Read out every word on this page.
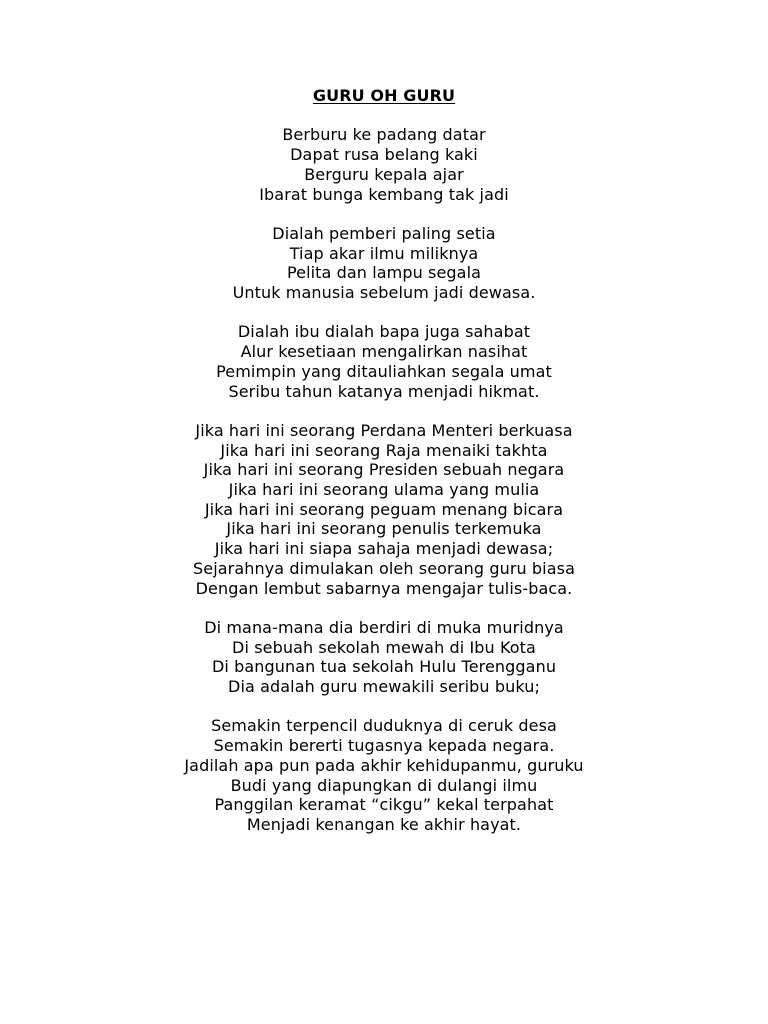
GURU OH GURU
Berburu ke padang datar
Dapat rusa belang kaki
Berguru kepala ajar
Ibarat bunga kembang tak jadi
Dialah pemberi paling setia
Tiap akar ilmu miliknya
Pelita dan lampu segala
Untuk manusia sebelum jadi dewasa.
Dialah ibu dialah bapa juga sahabat
Alur kesetiaan mengalirkan nasihat
Pemimpin yang ditauliahkan segala umat
Seribu tahun katanya menjadi hikmat.
Jika hari ini seorang Perdana Menteri berkuasa
Jika hari ini seorang Raja menaiki takhta
Jika hari ini seorang Presiden sebuah negara
Jika hari ini seorang ulama yang mulia
Jika hari ini seorang peguam menang bicara
Jika hari ini seorang penulis terkemuka
Jika hari ini siapa sahaja menjadi dewasa;
Sejarahnya dimulakan oleh seorang guru biasa
Dengan lembut sabarnya mengajar tulis-baca.
Di mana-mana dia berdiri di muka muridnya
Di sebuah sekolah mewah di Ibu Kota
Di bangunan tua sekolah Hulu Terengganu
Dia adalah guru mewakili seribu buku;
Semakin terpencil duduknya di ceruk desa
Semakin bererti tugasnya kepada negara.
Jadilah apa pun pada akhir kehidupanmu, guruku
Budi yang diapungkan di dulangi ilmu
Panggilan keramat “cikgu” kekal terpahat
Menjadi kenangan ke akhir hayat.
